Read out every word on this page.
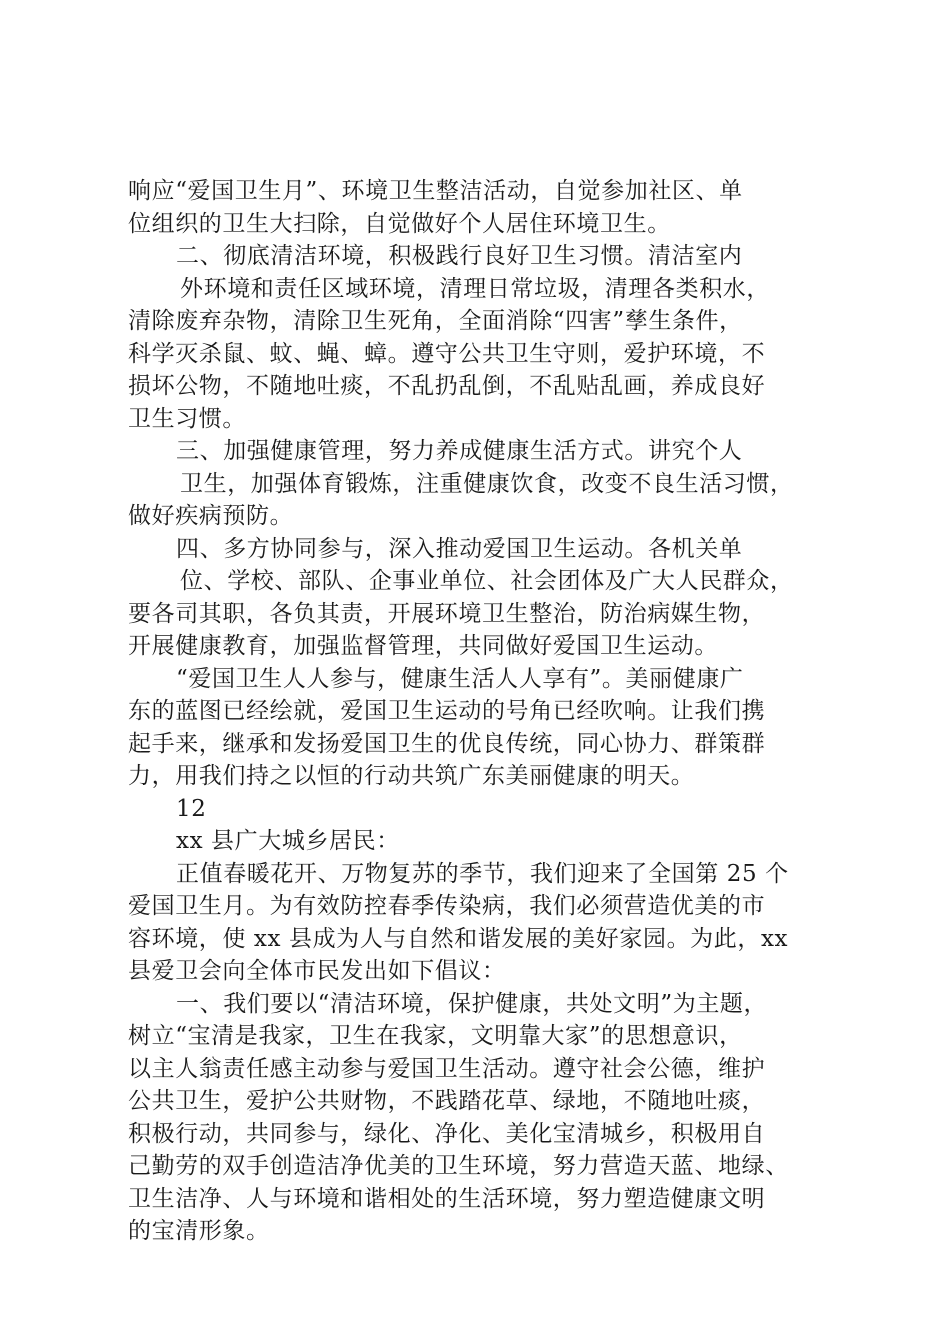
响应“爱国卫生月”、环境卫生整洁活动，自觉参加社区、单
位组织的卫生大扫除，自觉做好个人居住环境卫生。
二、彻底清洁环境，积极践行良好卫生习惯。清洁室内
外环境和责任区域环境，清理日常垃圾，清理各类积水，
清除废弃杂物，清除卫生死角，全面消除“四害”孳生条件，
科学灭杀鼠、蚊、蝇、蟑。遵守公共卫生守则，爱护环境，不
损坏公物，不随地吐痰，不乱扔乱倒，不乱贴乱画，养成良好
卫生习惯。
三、加强健康管理，努力养成健康生活方式。讲究个人
卫生，加强体育锻炼，注重健康饮食，改变不良生活习惯，
做好疾病预防。
四、多方协同参与，深入推动爱国卫生运动。各机关单
位、学校、部队、企事业单位、社会团体及广大人民群众，
要各司其职，各负其责，开展环境卫生整治，防治病媒生物，
开展健康教育，加强监督管理，共同做好爱国卫生运动。
“爱国卫生人人参与，健康生活人人享有”。美丽健康广
东的蓝图已经绘就，爱国卫生运动的号角已经吹响。让我们携
起手来，继承和发扬爱国卫生的优良传统，同心协力、群策群
力，用我们持之以恒的行动共筑广东美丽健康的明天。
12
xx 县广大城乡居民：
正值春暖花开、万物复苏的季节，我们迎来了全国第 25 个
爱国卫生月。为有效防控春季传染病，我们必须营造优美的市
容环境，使 xx 县成为人与自然和谐发展的美好家园。为此，xx
县爱卫会向全体市民发出如下倡议：
一、我们要以“清洁环境，保护健康，共处文明”为主题，
树立“宝清是我家，卫生在我家，文明靠大家”的思想意识，
以主人翁责任感主动参与爱国卫生活动。遵守社会公德，维护
公共卫生，爱护公共财物，不践踏花草、绿地，不随地吐痰，
积极行动，共同参与，绿化、净化、美化宝清城乡，积极用自
己勤劳的双手创造洁净优美的卫生环境，努力营造天蓝、地绿、
卫生洁净、人与环境和谐相处的生活环境，努力塑造健康文明
的宝清形象。
